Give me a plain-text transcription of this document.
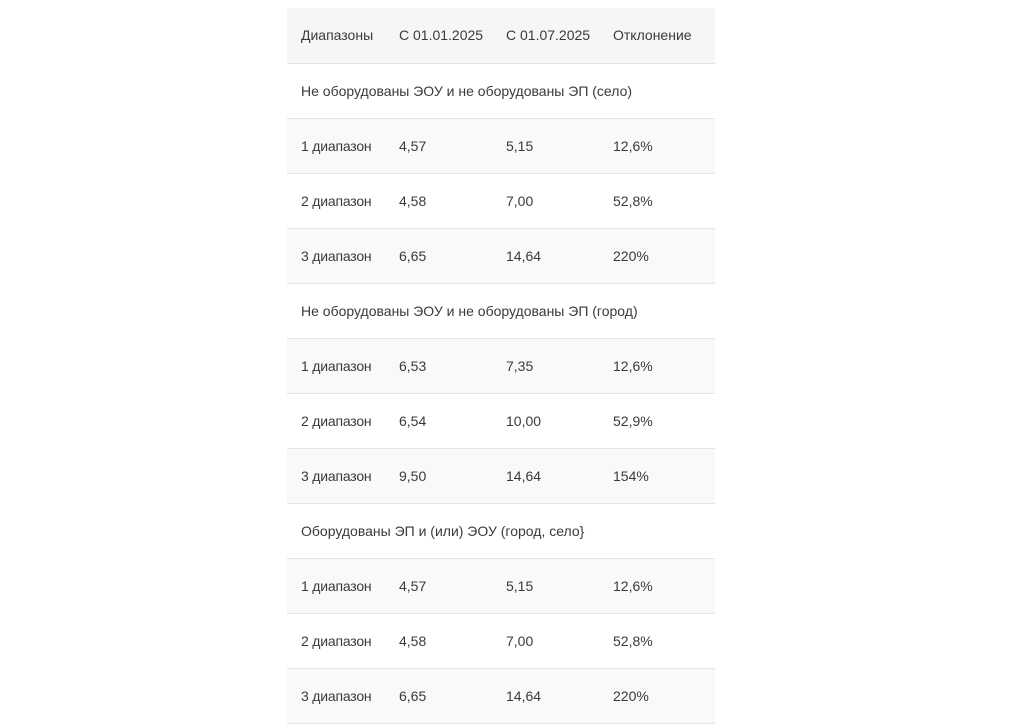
Диапазоны	С 01.01.2025	С 01.07.2025	Отклонение
Не оборудованы ЭОУ и не оборудованы ЭП (село)			
1 диапазон	4,57	5,15	12,6%
2 диапазон	4,58	7,00	52,8%
3 диапазон	6,65	14,64	220%
Не оборудованы ЭОУ и не оборудованы ЭП (город)			
1 диапазон	6,53	7,35	12,6%
2 диапазон	6,54	10,00	52,9%
3 диапазон	9,50	14,64	154%
Оборудованы ЭП и (или) ЭОУ (город, село}			
1 диапазон	4,57	5,15	12,6%
2 диапазон	4,58	7,00	52,8%
3 диапазон	6,65	14,64	220%
